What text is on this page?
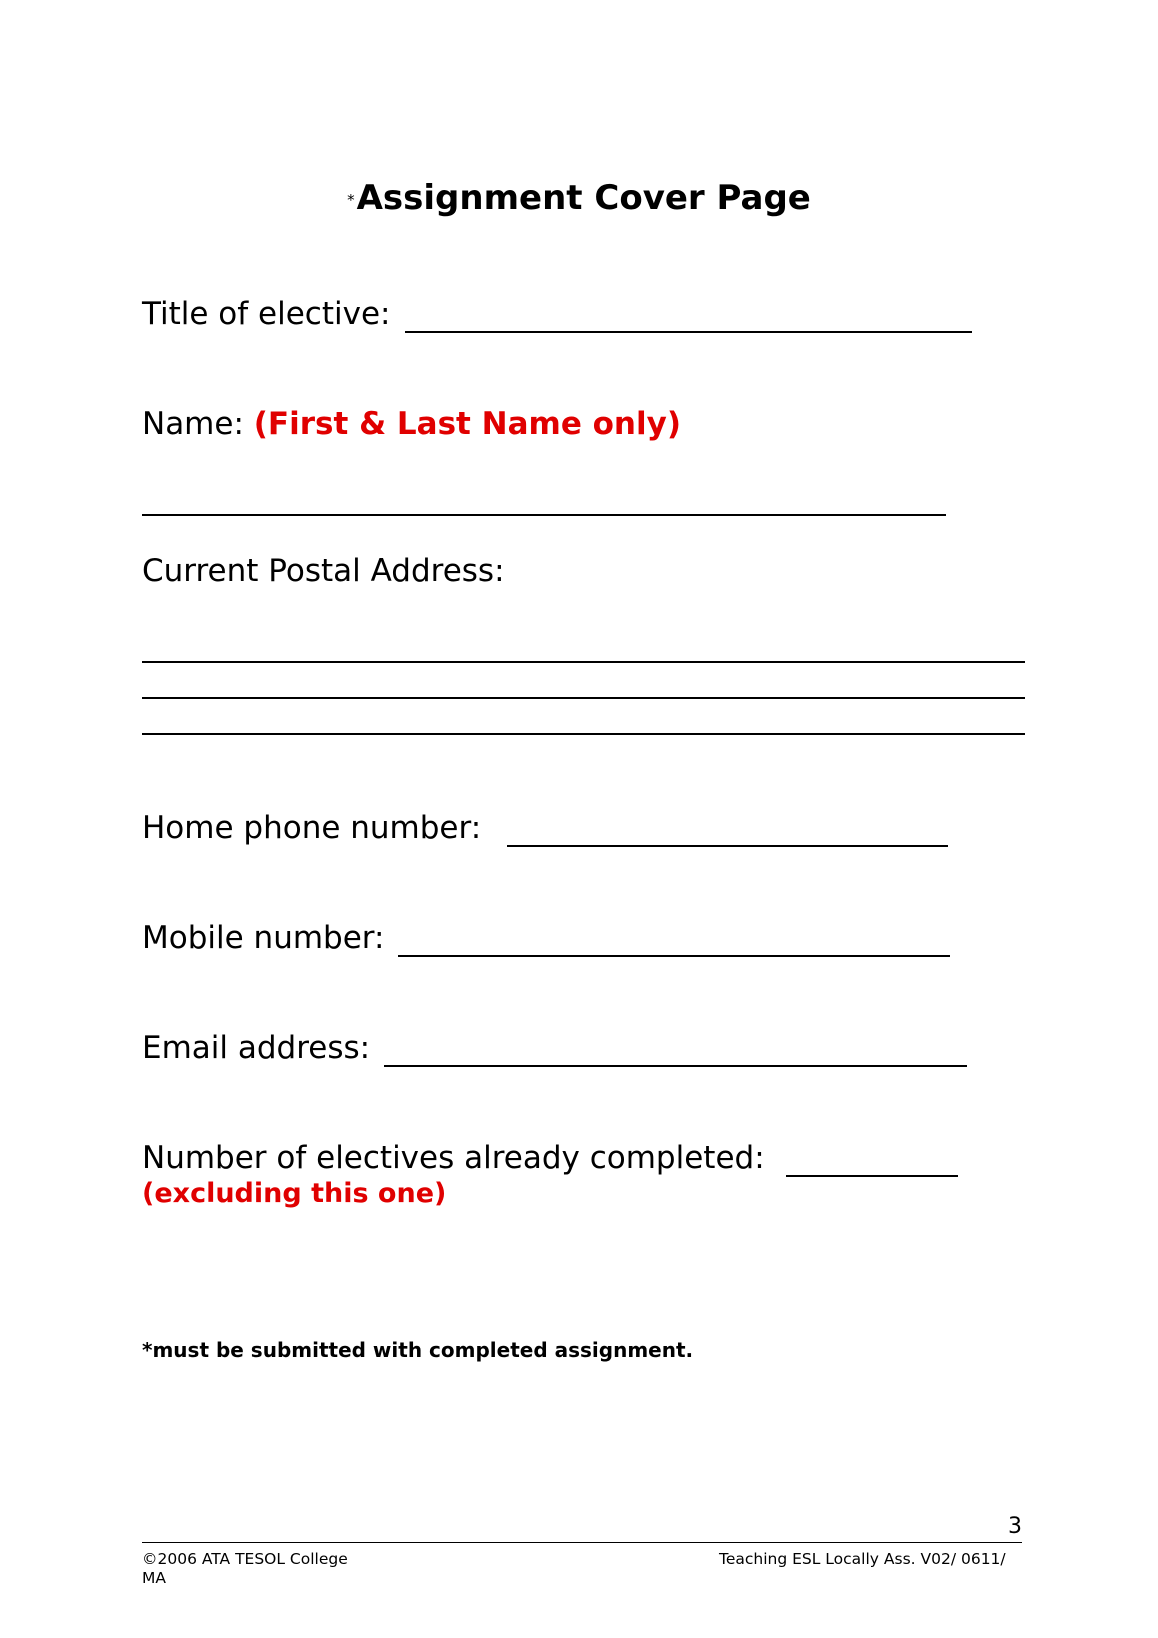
*Assignment Cover Page
Title of elective:
Name: (First & Last Name only)
Current Postal Address:
Home phone number:
Mobile number:
Email address:
Number of electives already completed:
(excluding this one)
*must be submitted with completed assignment.
3
©2006 ATA TESOL College
MA
Teaching ESL Locally Ass. V02/ 0611/
